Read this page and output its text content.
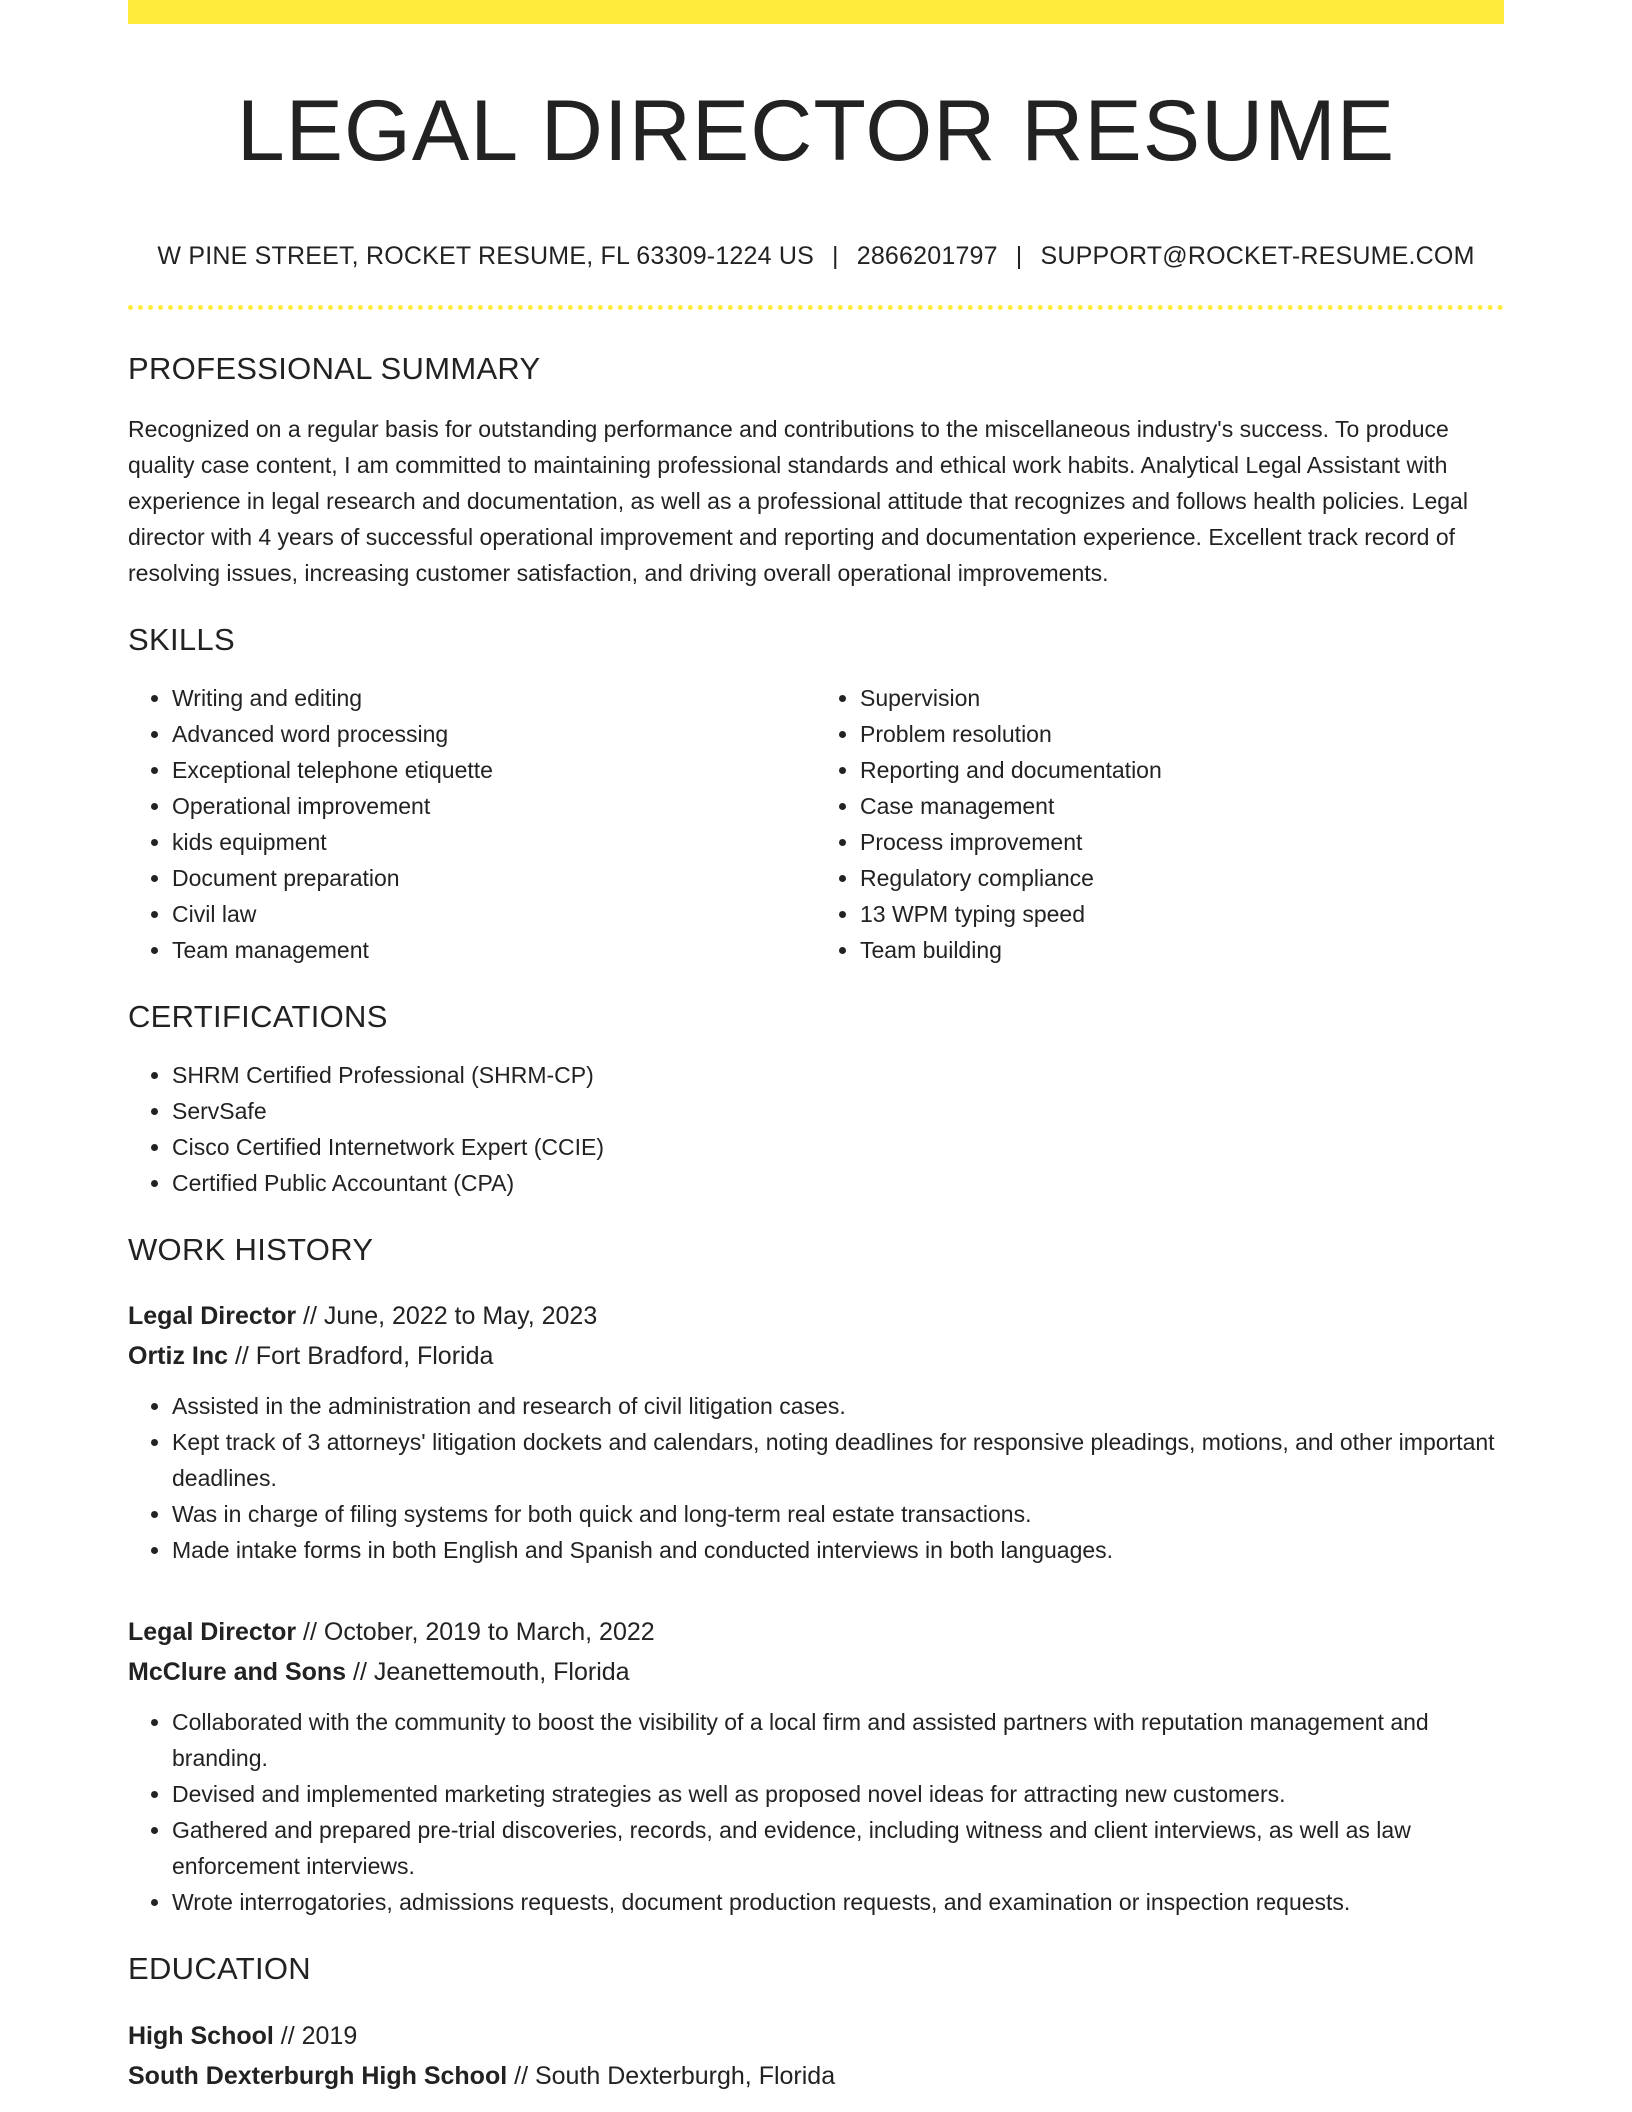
LEGAL DIRECTOR RESUME
W PINE STREET, ROCKET RESUME, FL 63309-1224 US | 2866201797 | SUPPORT@ROCKET-RESUME.COM
PROFESSIONAL SUMMARY
Recognized on a regular basis for outstanding performance and contributions to the miscellaneous industry's success. To produce quality case content, I am committed to maintaining professional standards and ethical work habits. Analytical Legal Assistant with experience in legal research and documentation, as well as a professional attitude that recognizes and follows health policies. Legal director with 4 years of successful operational improvement and reporting and documentation experience. Excellent track record of resolving issues, increasing customer satisfaction, and driving overall operational improvements.
SKILLS
• Writing and editing
• Advanced word processing
• Exceptional telephone etiquette
• Operational improvement
• kids equipment
• Document preparation
• Civil law
• Team management
• Supervision
• Problem resolution
• Reporting and documentation
• Case management
• Process improvement
• Regulatory compliance
• 13 WPM typing speed
• Team building
CERTIFICATIONS
• SHRM Certified Professional (SHRM-CP)
• ServSafe
• Cisco Certified Internetwork Expert (CCIE)
• Certified Public Accountant (CPA)
WORK HISTORY
Legal Director // June, 2022 to May, 2023
Ortiz Inc // Fort Bradford, Florida
• Assisted in the administration and research of civil litigation cases.
• Kept track of 3 attorneys' litigation dockets and calendars, noting deadlines for responsive pleadings, motions, and other important deadlines.
• Was in charge of filing systems for both quick and long-term real estate transactions.
• Made intake forms in both English and Spanish and conducted interviews in both languages.
Legal Director // October, 2019 to March, 2022
McClure and Sons // Jeanettemouth, Florida
• Collaborated with the community to boost the visibility of a local firm and assisted partners with reputation management and branding.
• Devised and implemented marketing strategies as well as proposed novel ideas for attracting new customers.
• Gathered and prepared pre-trial discoveries, records, and evidence, including witness and client interviews, as well as law enforcement interviews.
• Wrote interrogatories, admissions requests, document production requests, and examination or inspection requests.
EDUCATION
High School // 2019
South Dexterburgh High School // South Dexterburgh, Florida
